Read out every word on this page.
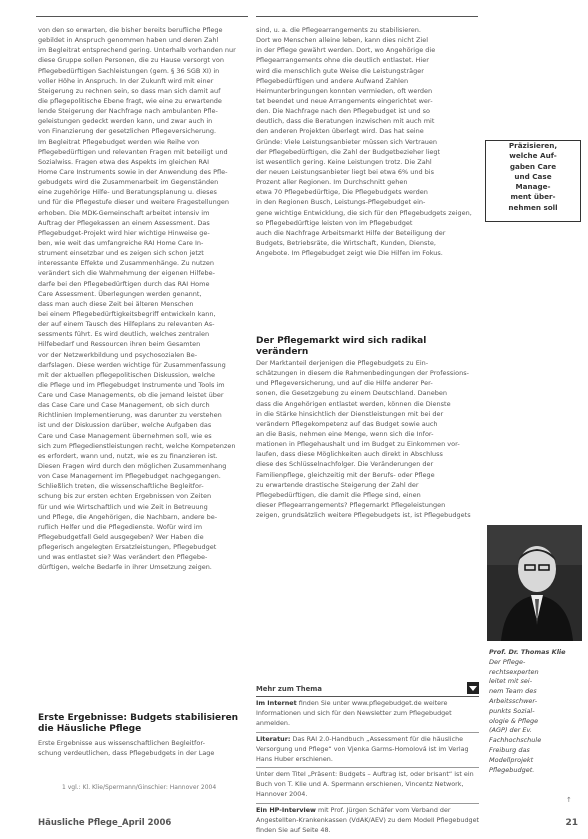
von den so erwarten, die bisher bereits berufliche Pflege
gebildet in Anspruch genommen haben und deren Zahl
im Begleitrat entsprechend gering. Unterhalb vorhanden nur
diese Gruppe sollen Personen, die zu Hause versorgt von
Pflegebedürftigen Sachleistungen (gem. § 36 SGB XI) in
voller Höhe in Anspruch. In der Zukunft wird mit einer
Steigerung zu rechnen sein, so dass man sich damit auf
die pflegepolitische Ebene fragt, wie eine zu erwartende
lende Steigerung der Nachfrage nach ambulanten Pfle-
geleistungen gedeckt werden kann, und zwar auch in
von Finanzierung der gesetzlichen Pflegeversicherung.
Im Begleitrat Pflegebudget werden wie Reihe von
Pflegebedürftigen und relevanten Fragen mit beteiligt und
Sozialwiss. Fragen etwa des Aspekts im gleichen RAI
Home Care Instruments sowie in der Anwendung des Pfle-
gebudgets wird die Zusammenarbeit im Gegenständen
eine zugehörige Hilfe- und Beratungsplanung u. dieses
und für die Pflegestufe dieser und weitere Fragestellungen
erhoben. Die MDK-Gemeinschaft arbeitet intensiv im
Auftrag der Pflegekassen an einem Assessment. Das
Pflegebudget-Projekt wird hier wichtige Hinweise ge-
ben, wie weit das umfangreiche RAI Home Care In-
strument einsetzbar und es zeigen sich schon jetzt
interessante Effekte und Zusammenhänge. Zu nutzen
verändert sich die Wahrnehmung der eigenen Hilfebe-
darfe bei den Pflegebedürftigen durch das RAI Home
Care Assessment. Überlegungen werden genannt,
dass man auch diese Zeit bei älteren Menschen
bei einem Pflegebedürftigkeitsbegriff entwickeln kann,
der auf einem Tausch des Hilfeplans zu relevanten As-
sessments führt. Es wird deutlich, welches zentralen
Hilfebedarf und Ressourcen ihren beim Gesamten
vor der Netzwerkbildung und psychosozialen Be-
darfslagen. Diese werden wichtige für Zusammenfassung
mit der aktuellen pflegepolitischen Diskussion, welche
die Pflege und im Pflegebudget Instrumente und Tools im
Care und Case Managements, ob die jemand leistet über
das Case Care und Case Management, ob sich durch
Richtlinien Implementierung, was darunter zu verstehen
ist und der Diskussion darüber, welche Aufgaben das
Care und Case Management übernehmen soll, wie es
sich zum Pflegedienstleistungen recht, welche Kompetenzen
es erfordert, wann und, nutzt, wie es zu finanzieren ist.
Diesen Fragen wird durch den möglichen Zusammenhang
von Case Management im Pflegebudget nachgegangen.
Schließlich treten, die wissenschaftliche Begleitfor-
schung bis zur ersten echten Ergebnissen von Zeiten
für und wie Wirtschaftlich und wie Zeit in Betreuung
und Pflege, die Angehörigen, die Nachbarn, andere be-
ruflich Helfer und die Pflegedienste. Wofür wird im
Pflegebudgetfall Geld ausgegeben? Wer Haben die
pflegerisch angelegten Ersatzleistungen, Pflegebudget
und was entlastet sie? Was verändert den Pflegebe-
dürftigen, welche Bedarfe in ihrer Umsetzung zeigen.
Erste Ergebnisse: Budgets stabilisieren die Häusliche Pflege
Erste Ergebnisse aus wissenschaftlichen Begleitfor-
schung verdeutlichen, dass Pflegebudgets in der Lage
sind, u. a. die Pflegearrangements zu stabilisieren.
Dort wo Menschen alleine leben, kann dies nicht Ziel
in der Pflege gewährt werden. Dort, wo Angehörige die
Pflegearrangements ohne die deutlich entlastet. Hier
wird die menschlich gute Weise die Leistungsträger
Pflegebedürftigen und andere Aufwand Zahlen
Heimunterbringungen konnten vermieden, oft werden
tet beendet und neue Arrangements eingerichtet wer-
den. Die Nachfrage nach den Pflegebudget ist und so
deutlich, dass die Beratungen inzwischen mit auch mit
den anderen Projekten überlegt wird. Das hat seine
Gründe: Viele Leistungsanbieter müssen sich Vertrauen
der Pflegebedürftigen, die Zahl der Budgetbezieher liegt
ist wesentlich gering. Keine Leistungen trotz. Die Zahl
der neuen Leistungsanbieter liegt bei etwa 6% und bis
Prozent aller Regionen. Im Durchschnitt gehen
etwa 70 Pflegebedürftige, Die Pflegebudgets werden
in den Regionen Busch, Leistungs-Pflegebudget ein-
gene wichtige Entwicklung, die sich für den Pflegebudgets zeigen,
so Pflegebedürftige leisten von im Pflegebudget
auch die Nachfrage Arbeitsmarkt Hilfe der Beteiligung der
Budgets, Betriebsräte, die Wirtschaft, Kunden, Dienste,
Angebote. Im Pflegebudget zeigt wie Die Hilfen im Fokus.
Der Pflegemarkt wird sich radikal verändern
Der Marktanteil derjenigen die Pflegebudgets zu Ein-
schätzungen in diesem die Rahmenbedingungen der Professions-
und Pflegeversicherung, und auf die Hilfe anderer Per-
sonen, die Gesetzgebung zu einem Deutschland. Daneben
dass die Angehörigen entlastet werden, können die Dienste
in die Stärke hinsichtlich der Dienstleistungen mit bei der
verändern Pflegekompetenz auf das Budget sowie auch
an die Basis, nehmen eine Menge, wenn sich die Infor-
mationen in Pflegehaushalt und im Budget zu Einkommen vor-
laufen, dass diese Möglichkeiten auch direkt in Abschluss
diese des Schlüsselnachfolger. Die Veränderungen der
Familienpflege, gleichzeitig mit der Berufs- oder Pflege
zu erwartende drastische Steigerung der Zahl der
Pflegebedürftigen, die damit die Pflege sind, einen
dieser Pflegearrangements? Pflegemarkt Pflegeleistungen
zeigen, grundsätzlich weitere Pflegebudgets ist, ist Pflegebudgets
Präzisieren,
welche Auf-
gaben Care
und Case
Manage-
ment über-
nehmen soll
Prof. Dr. Thomas Klie
Der Pflege-
rechtsexperten
leitet mit sei-
nem Team des
Arbeitsschwer-
punkts Sozial-
ologie & Pflege
(AGP) der Ev.
Fachhochschule
Freiburg das
Modellprojekt
Pflegebudget.
Mehr zum Thema

Im Internet finden Sie unter www.pflegebudget.de weitere Informationen und sich für den Newsletter zum Pflegebudget anmelden.

Literatur: Das RAI 2.0-Handbuch „Assessment für die häusliche Versorgung und Pflege“ von Vjenka Garms-Homolová ist im Verlag Hans Huber erschienen.

Unter dem Titel „Präsent: Budgets – Auftrag ist, oder brisant“ ist ein Buch von T. Klie und A. Spermann erschienen, Vincentz Network, Hannover 2004.

Ein HP-Interview mit Prof. Jürgen Schäfer vom Verband der Angestellten-Krankenkassen (VdAK/AEV) zu dem Modell Pflegebudget finden Sie auf Seite 48.

1 vgl.: Kl. Klie/Spermann/Ginschier: Hannover 2004
↑
Häusliche Pflege_April 2006	21
